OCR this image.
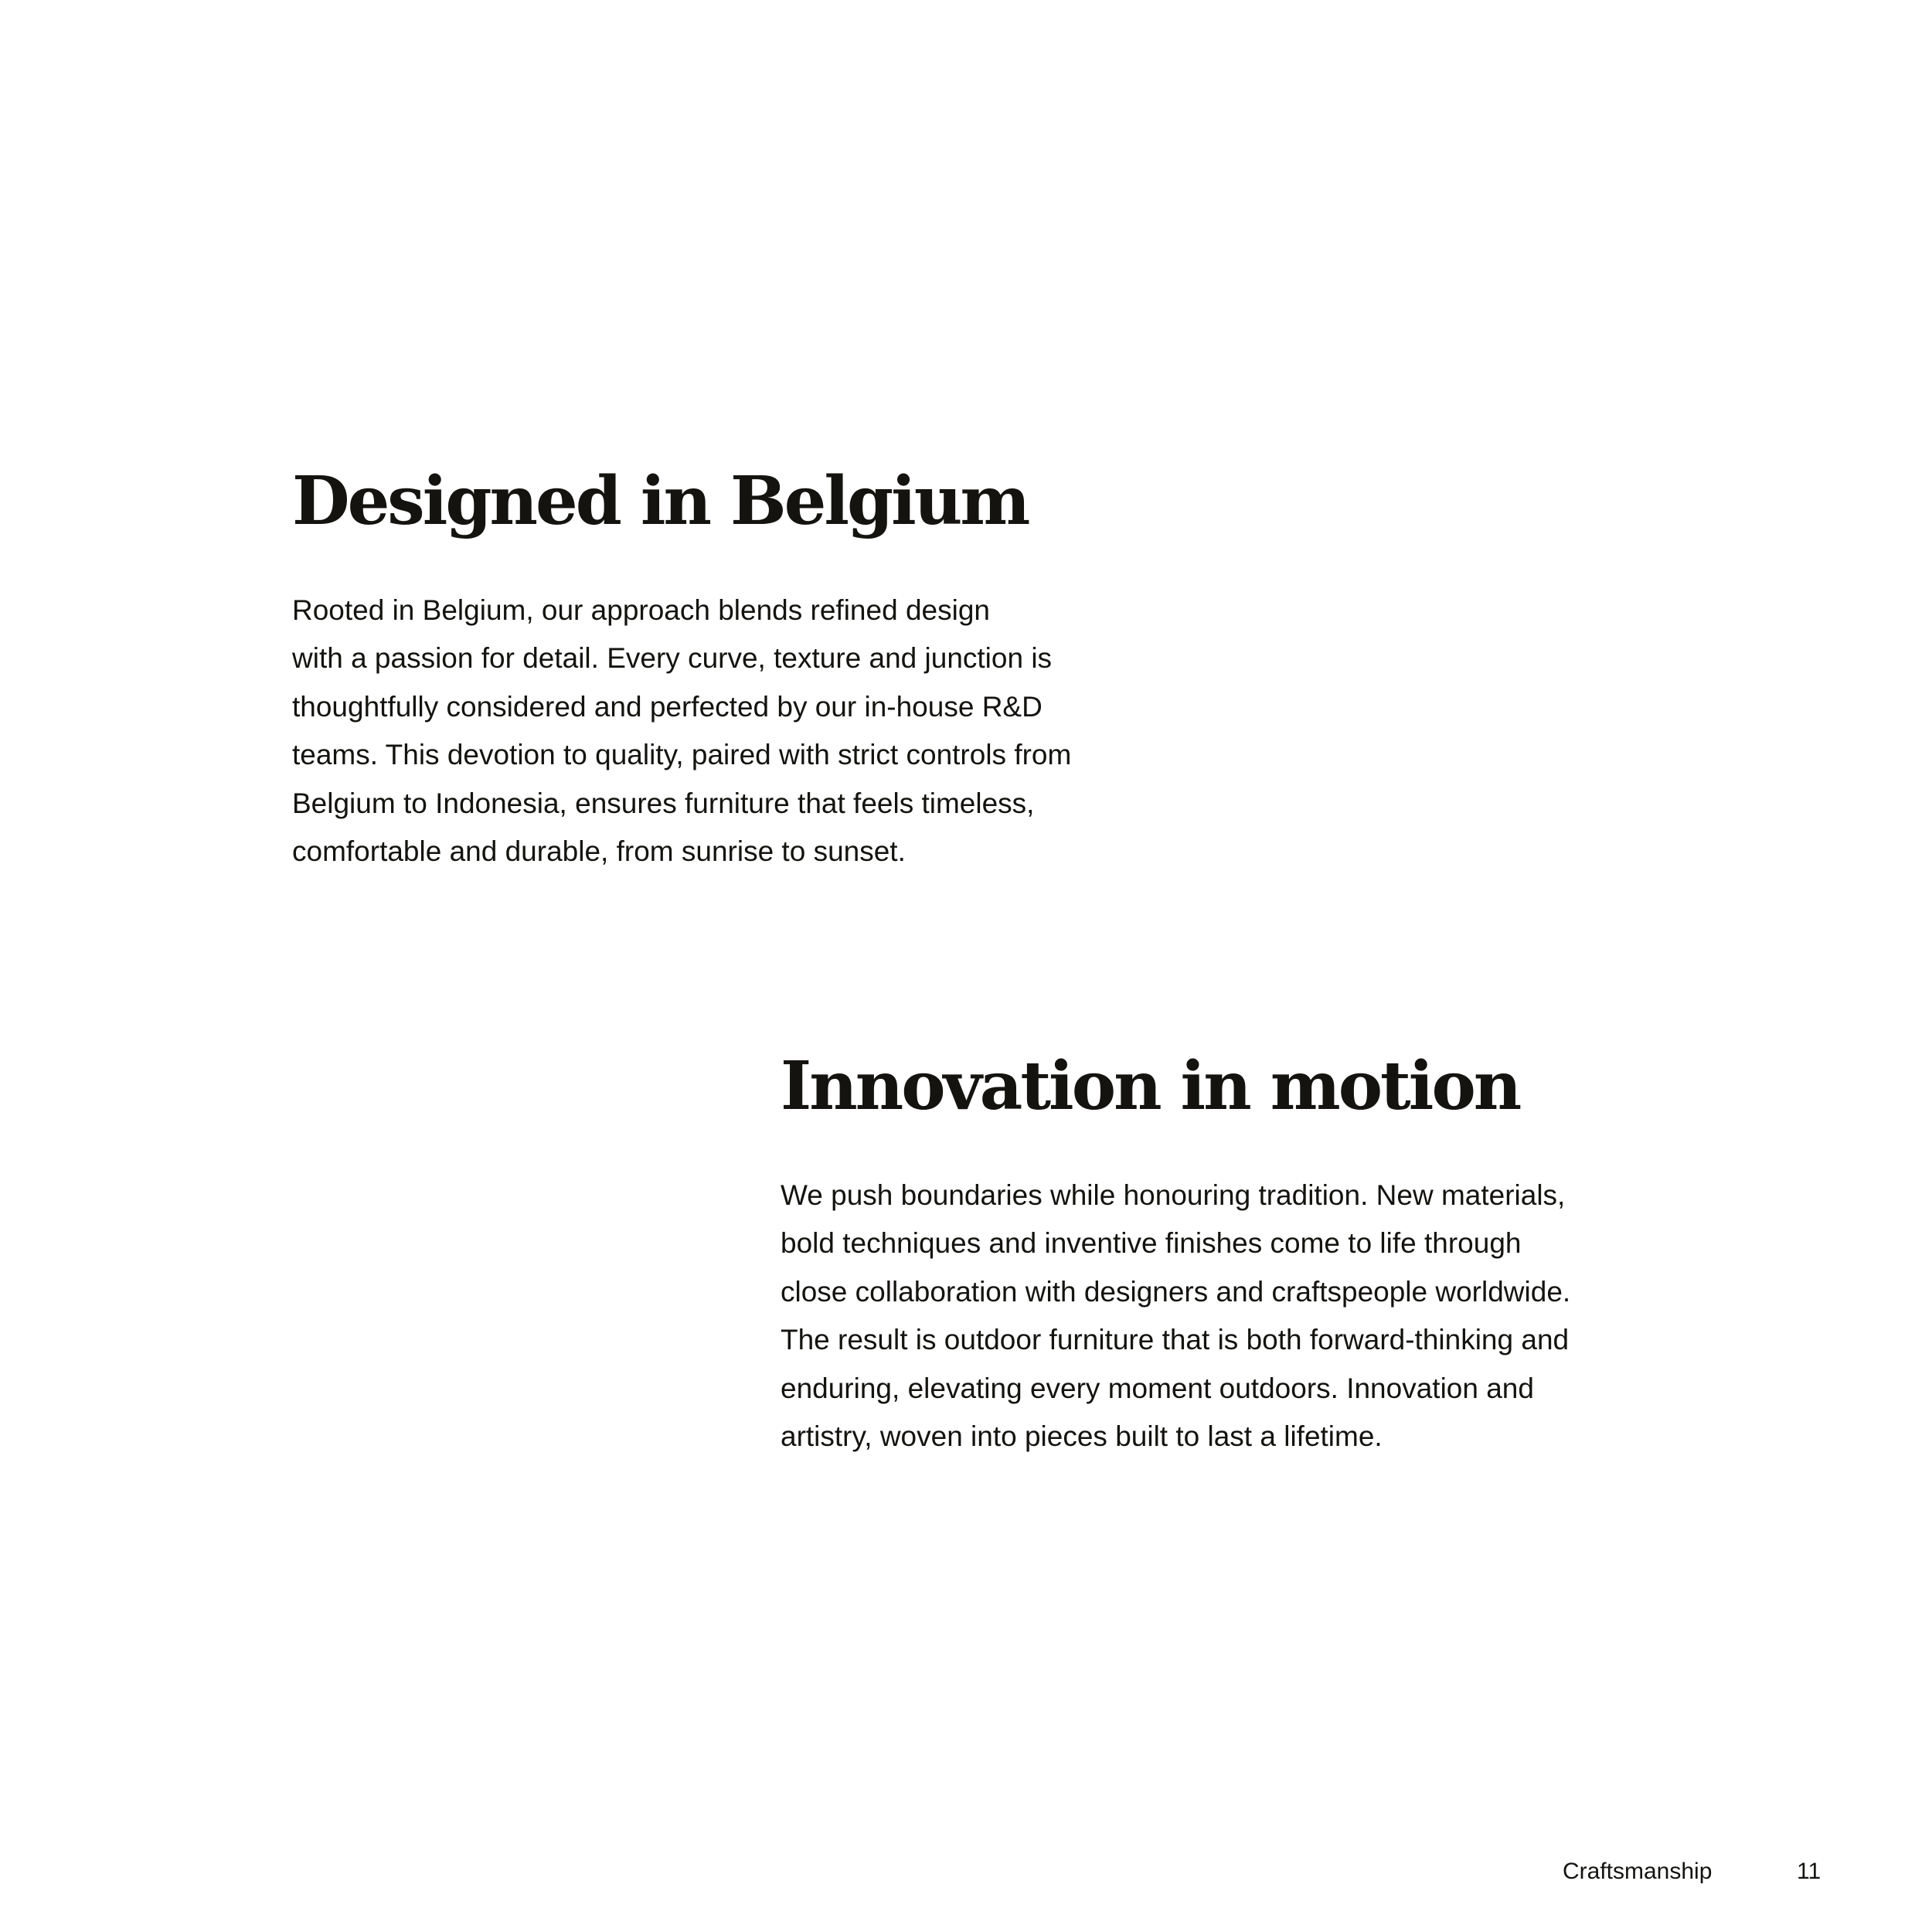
Designed in Belgium

Rooted in Belgium, our approach blends refined design
with a passion for detail. Every curve, texture and junction is
thoughtfully considered and perfected by our in-house R&D
teams. This devotion to quality, paired with strict controls from
Belgium to Indonesia, ensures furniture that feels timeless,
comfortable and durable, from sunrise to sunset.

Innovation in motion

We push boundaries while honouring tradition. New materials,
bold techniques and inventive finishes come to life through
close collaboration with designers and craftspeople worldwide.
The result is outdoor furniture that is both forward-thinking and
enduring, elevating every moment outdoors. Innovation and
artistry, woven into pieces built to last a lifetime.

Craftsmanship	11
